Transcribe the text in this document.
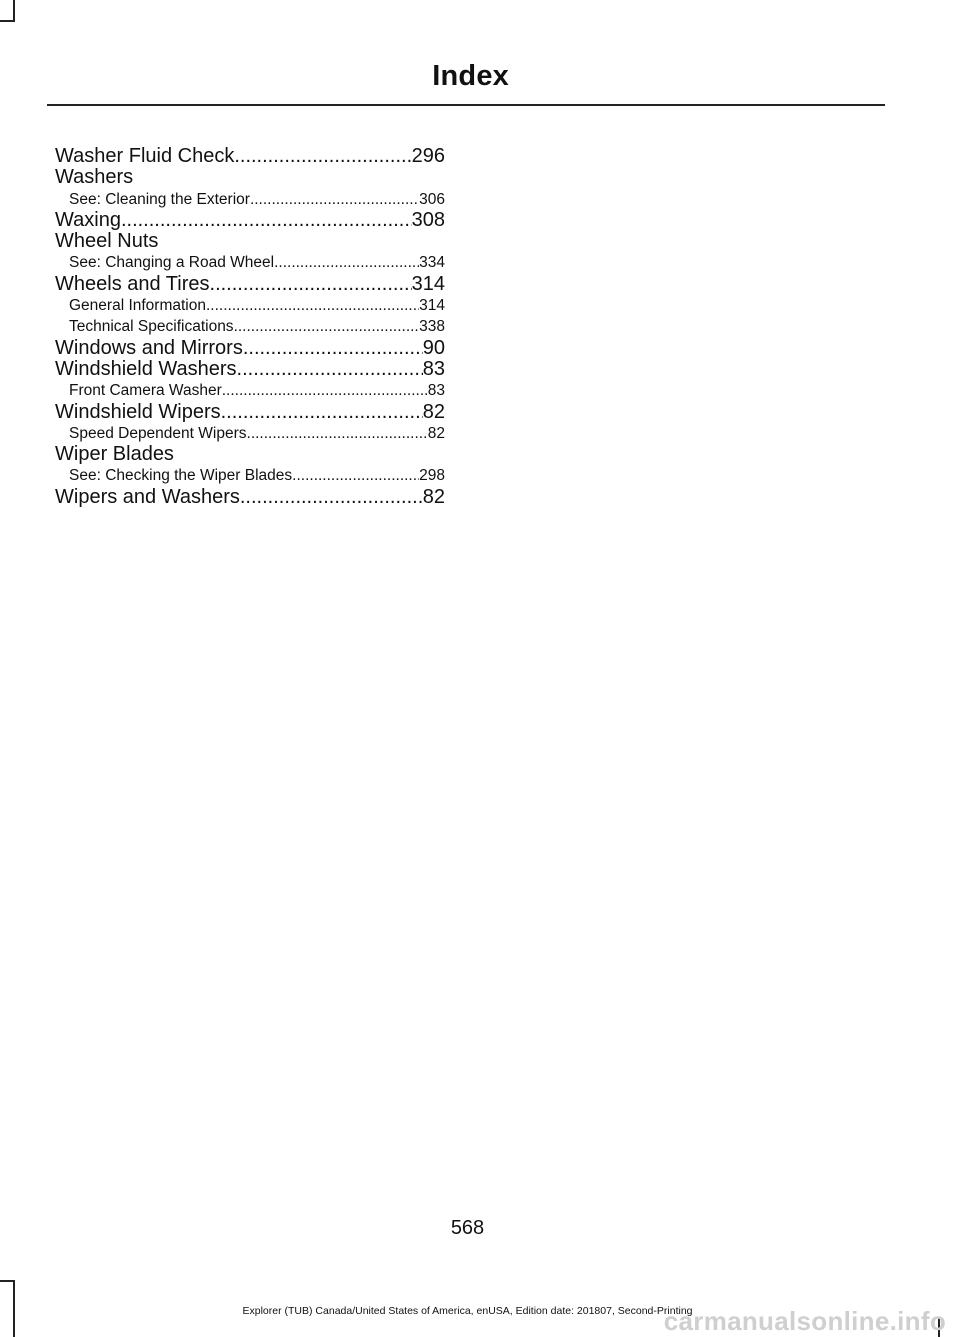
Index
Washer Fluid Check .....	296
Washers
See: Cleaning the Exterior .....	306
Waxing .....	308
Wheel Nuts
See: Changing a Road Wheel .....	334
Wheels and Tires .....	314
General Information .....	314
Technical Specifications .....	338
Windows and Mirrors .....	90
Windshield Washers .....	83
Front Camera Washer .....	83
Windshield Wipers .....	82
Speed Dependent Wipers .....	82
Wiper Blades
See: Checking the Wiper Blades .....	298
Wipers and Washers .....	82
568
Explorer (TUB) Canada/United States of America, enUSA, Edition date: 201807, Second-Printing
carmanualsonline.info
